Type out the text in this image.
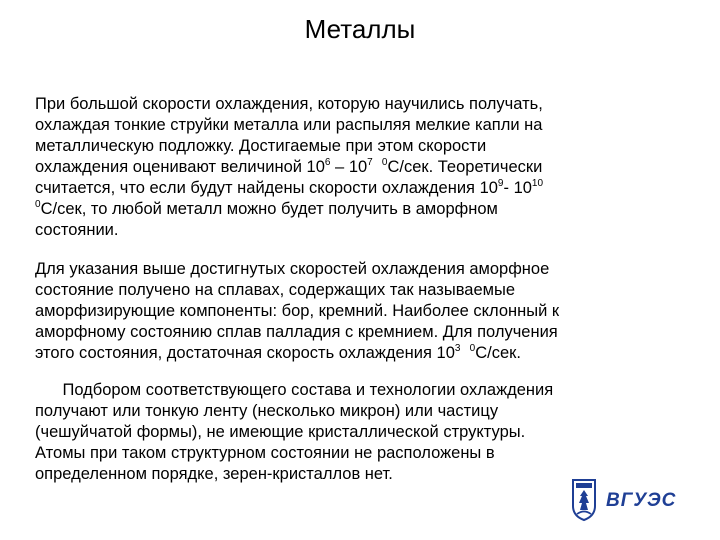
Металлы

При большой скорости охлаждения, которую научились получать,
охлаждая тонкие струйки металла или распыляя мелкие капли на
металлическую подложку. Достигаемые при этом скорости
охлаждения оценивают величиной $10^6 - 10^7$ $^0$С/сек. Теоретически
считается, что если будут найдены скорости охлаждения $10^9-$ $10^{10}$
$^0$С/сек, то любой металл можно будет получить в аморфном
состоянии.

Для указания выше достигнутых скоростей охлаждения аморфное
состояние получено на сплавах, содержащих так называемые
аморфизирующие компоненты: бор, кремний. Наиболее склонный к
аморфному состоянию сплав палладия с кремнием. Для получения
этого состояния, достаточная скорость охлаждения $10^3$ $^0$С/сек.

Подбором соответствующего состава и технологии охлаждения
получают или тонкую ленту (несколько микрон) или частицу
(чешуйчатой формы), не имеющие кристаллической структуры.
Атомы при таком структурном состоянии не расположены в
определенном порядке, зерен-кристаллов нет.

ВГУЭС
